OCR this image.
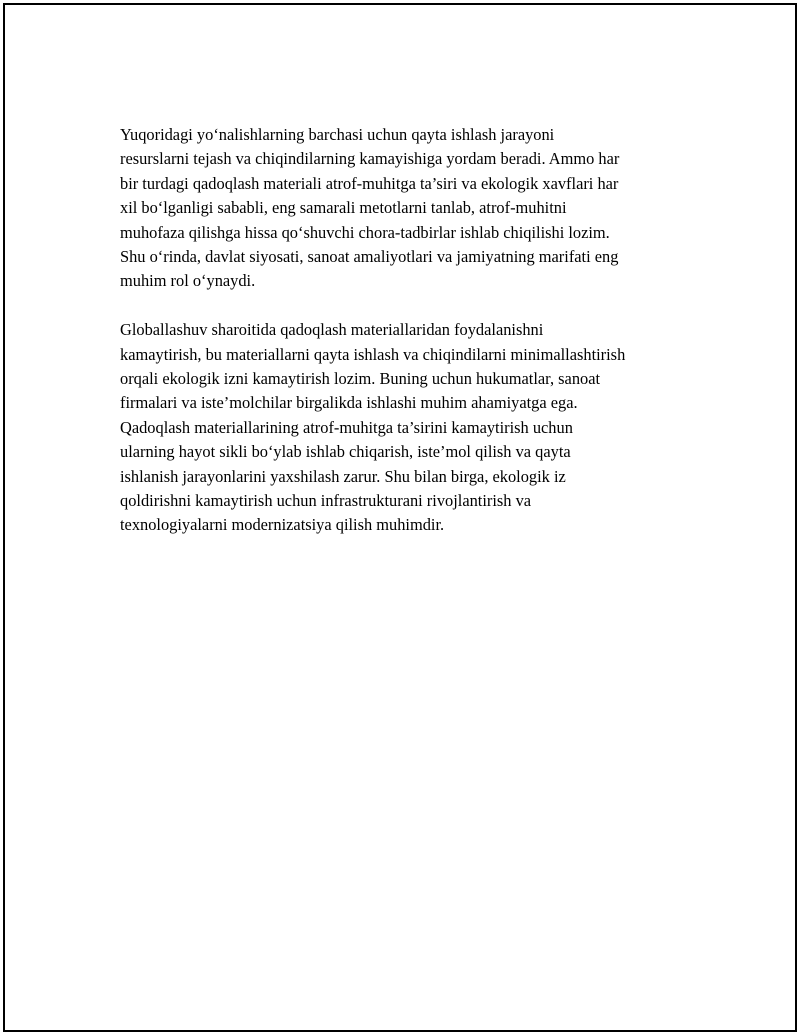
Yuqoridagi yo‘nalishlarning barchasi uchun qayta ishlash jarayoni
resurslarni tejash va chiqindilarning kamayishiga yordam beradi. Ammo har
bir turdagi qadoqlash materiali atrof-muhitga ta’siri va ekologik xavflari har
xil bo‘lganligi sababli, eng samarali metotlarni tanlab, atrof-muhitni
muhofaza qilishga hissa qo‘shuvchi chora-tadbirlar ishlab chiqilishi lozim.
Shu o‘rinda, davlat siyosati, sanoat amaliyotlari va jamiyatning marifati eng
muhim rol o‘ynaydi.

Globallashuv sharoitida qadoqlash materiallaridan foydalanishni
kamaytirish, bu materiallarni qayta ishlash va chiqindilarni minimallashtirish
orqali ekologik izni kamaytirish lozim. Buning uchun hukumatlar, sanoat
firmalari va iste’molchilar birgalikda ishlashi muhim ahamiyatga ega.
Qadoqlash materiallarining atrof-muhitga ta’sirini kamaytirish uchun
ularning hayot sikli bo‘ylab ishlab chiqarish, iste’mol qilish va qayta
ishlanish jarayonlarini yaxshilash zarur. Shu bilan birga, ekologik iz
qoldirishni kamaytirish uchun infrastrukturani rivojlantirish va
texnologiyalarni modernizatsiya qilish muhimdir.
